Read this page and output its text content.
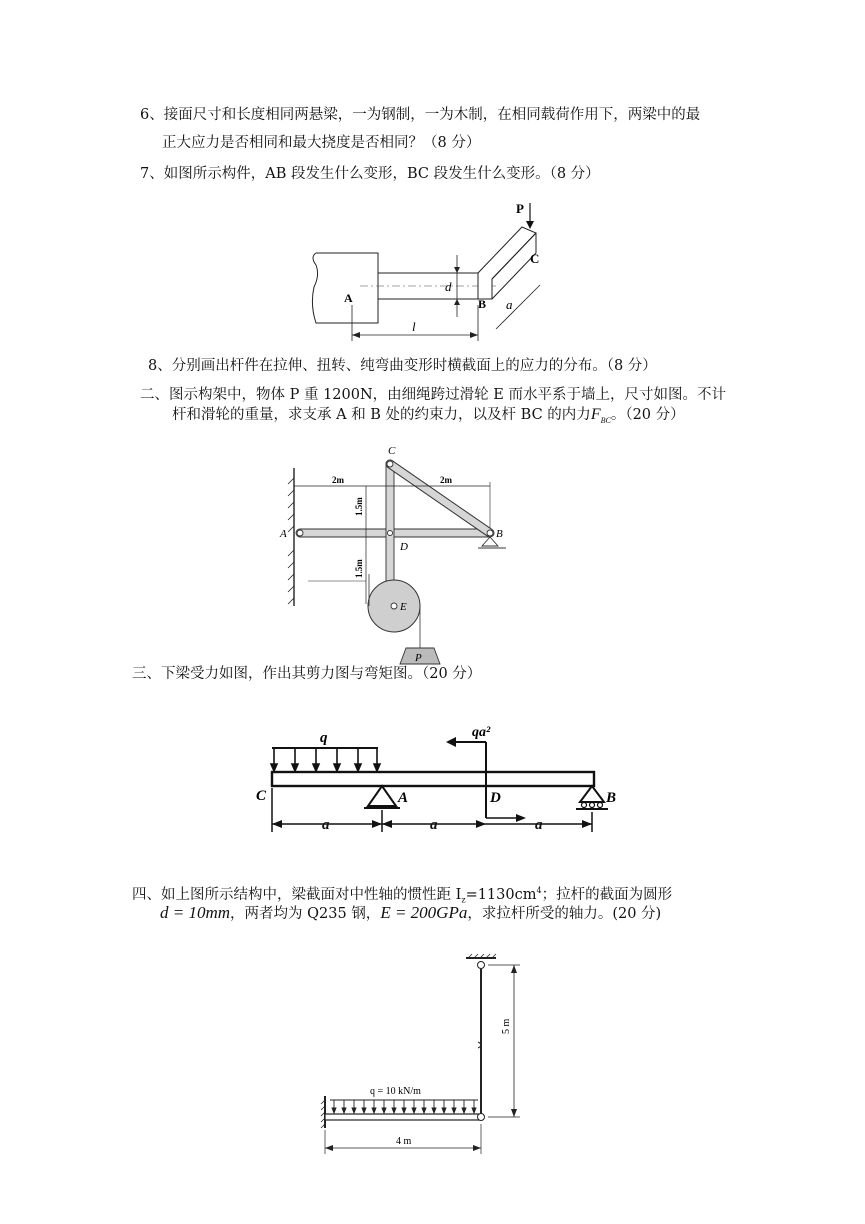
6、接面尺寸和长度相同两悬梁，一为钢制，一为木制，在相同载荷作用下，两梁中的最
正大应力是否相同和最大挠度是否相同？（8 分）
7、如图所示构件，AB 段发生什么变形，BC 段发生什么变形。（8 分）
P
C
A	B
d
l
a
8、分别画出杆件在拉伸、扭转、纯弯曲变形时横截面上的应力的分布。（8 分）
二、图示构架中，物体 P 重 1200N，由细绳跨过滑轮 E 而水平系于墙上，尺寸如图。不计
杆和滑轮的重量，求支承 A 和 B 处的约束力，以及杆 BC 的内力$F_{BC}$。（20 分）
P
C
A	B
D
E
2m	2m
1.5m
1.5m
三、下梁受力如图，作出其剪力图与弯矩图。（20 分）
q	qa²
C	A	D	B
a	a	a
四、如上图所示结构中，梁截面对中性轴的惯性距 $I_z=1130cm^4$；拉杆的截面为圆形
d = 10mm，两者均为 Q235 钢，E = 200GPa，求拉杆所受的轴力。(20 分)
q = 10 kN/m
4 m
5 m
